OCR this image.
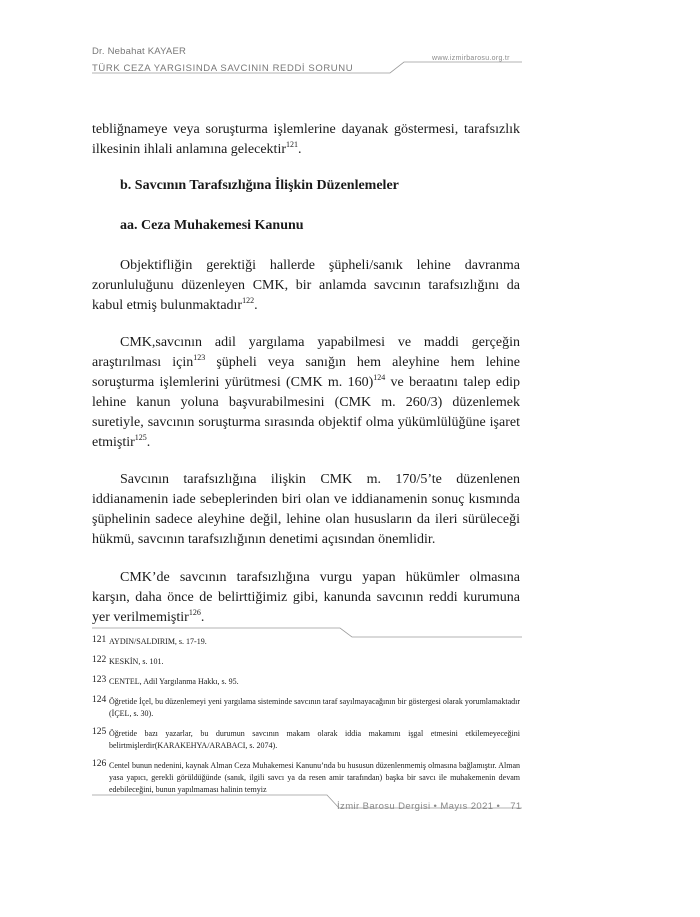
Dr. Nebahat KAYAER
www.izmirbarosu.org.tr
TÜRK CEZA YARGISINDA SAVCININ REDDİ SORUNU

tebliğnameye veya soruşturma işlemlerine dayanak göstermesi, tarafsızlık ilkesinin ihlali anlamına gelecektir$^{121}$.

b. Savcının Tarafsızlığına İlişkin Düzenlemeler
aa. Ceza Muhakemesi Kanunu

Objektifliğin gerektiği hallerde şüpheli/sanık lehine davranma zorunluluğunu düzenleyen CMK, bir anlamda savcının tarafsızlığını da kabul etmiş bulunmaktadır$^{122}$.

CMK,savcının adil yargılama yapabilmesi ve maddi gerçeğin araştırılması için$^{123}$ şüpheli veya sanığın hem aleyhine hem lehine soruşturma işlemlerini yürütmesi (CMK m. 160)$^{124}$ ve beraatını talep edip lehine kanun yoluna başvurabilmesini (CMK m. 260/3) düzenlemek suretiyle, savcının soruşturma sırasında objektif olma yükümlülüğüne işaret etmiştir$^{125}$.

Savcının tarafsızlığına ilişkin CMK m. 170/5’te düzenlenen iddianamenin iade sebeplerinden biri olan ve iddianamenin sonuç kısmında şüphelinin sadece aleyhine değil, lehine olan hususların da ileri sürüleceği hükmü, savcının tarafsızlığının denetimi açısından önemlidir.

CMK’de savcının tarafsızlığına vurgu yapan hükümler olmasına karşın, daha önce de belirttiğimiz gibi, kanunda savcının reddi kurumuna yer verilmemiştir$^{126}$.

121 AYDIN/SALDIRIM, s. 17-19.
122 KESKİN, s. 101.
123 CENTEL, Adil Yargılanma Hakkı, s. 95.
124 Öğretide İçel, bu düzenlemeyi yeni yargılama sisteminde savcının taraf sayılmayacağının bir göstergesi olarak yorumlamaktadır (İÇEL, s. 30).
125 Öğretide bazı yazarlar, bu durumun savcının makam olarak iddia makamını işgal etmesini etkilemeyeceğini belirtmişlerdir(KARAKEHYA/ARABACI, s. 2074).
126 Centel bunun nedenini, kaynak Alman Ceza Muhakemesi Kanunu’nda bu hususun düzenlenmemiş olmasına bağlamıştır. Alman yasa yapıcı, gerekli görüldüğünde (sanık, ilgili savcı ya da resen amir tarafından) başka bir savcı ile muhakemenin devam edebileceğini, bunun yapılmaması halinin temyiz
İzmir Barosu Dergisi • Mayıs 2021 • 71
